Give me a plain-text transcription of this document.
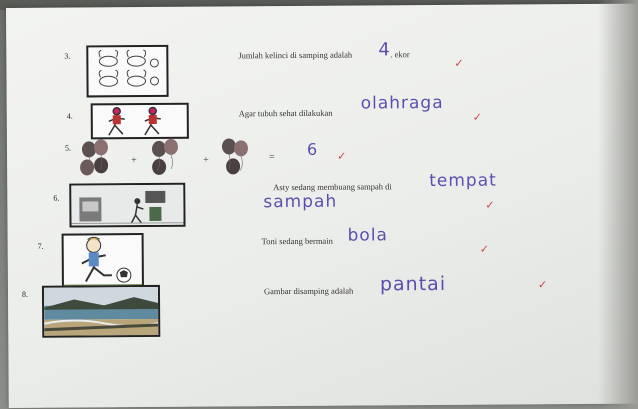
3.	Jumlah kelinci di samping adalah 4 . ekor
✓
4.	Agar tubuh sehat dilakukan olahraga
✓
5.
+	+	= 6 ✓
6.
Asty sedang membuang sampah di tempat
sampah	✓
7.
Toni sedang bermain bola
✓
8.	Gambar disamping adalah pantai	✓
